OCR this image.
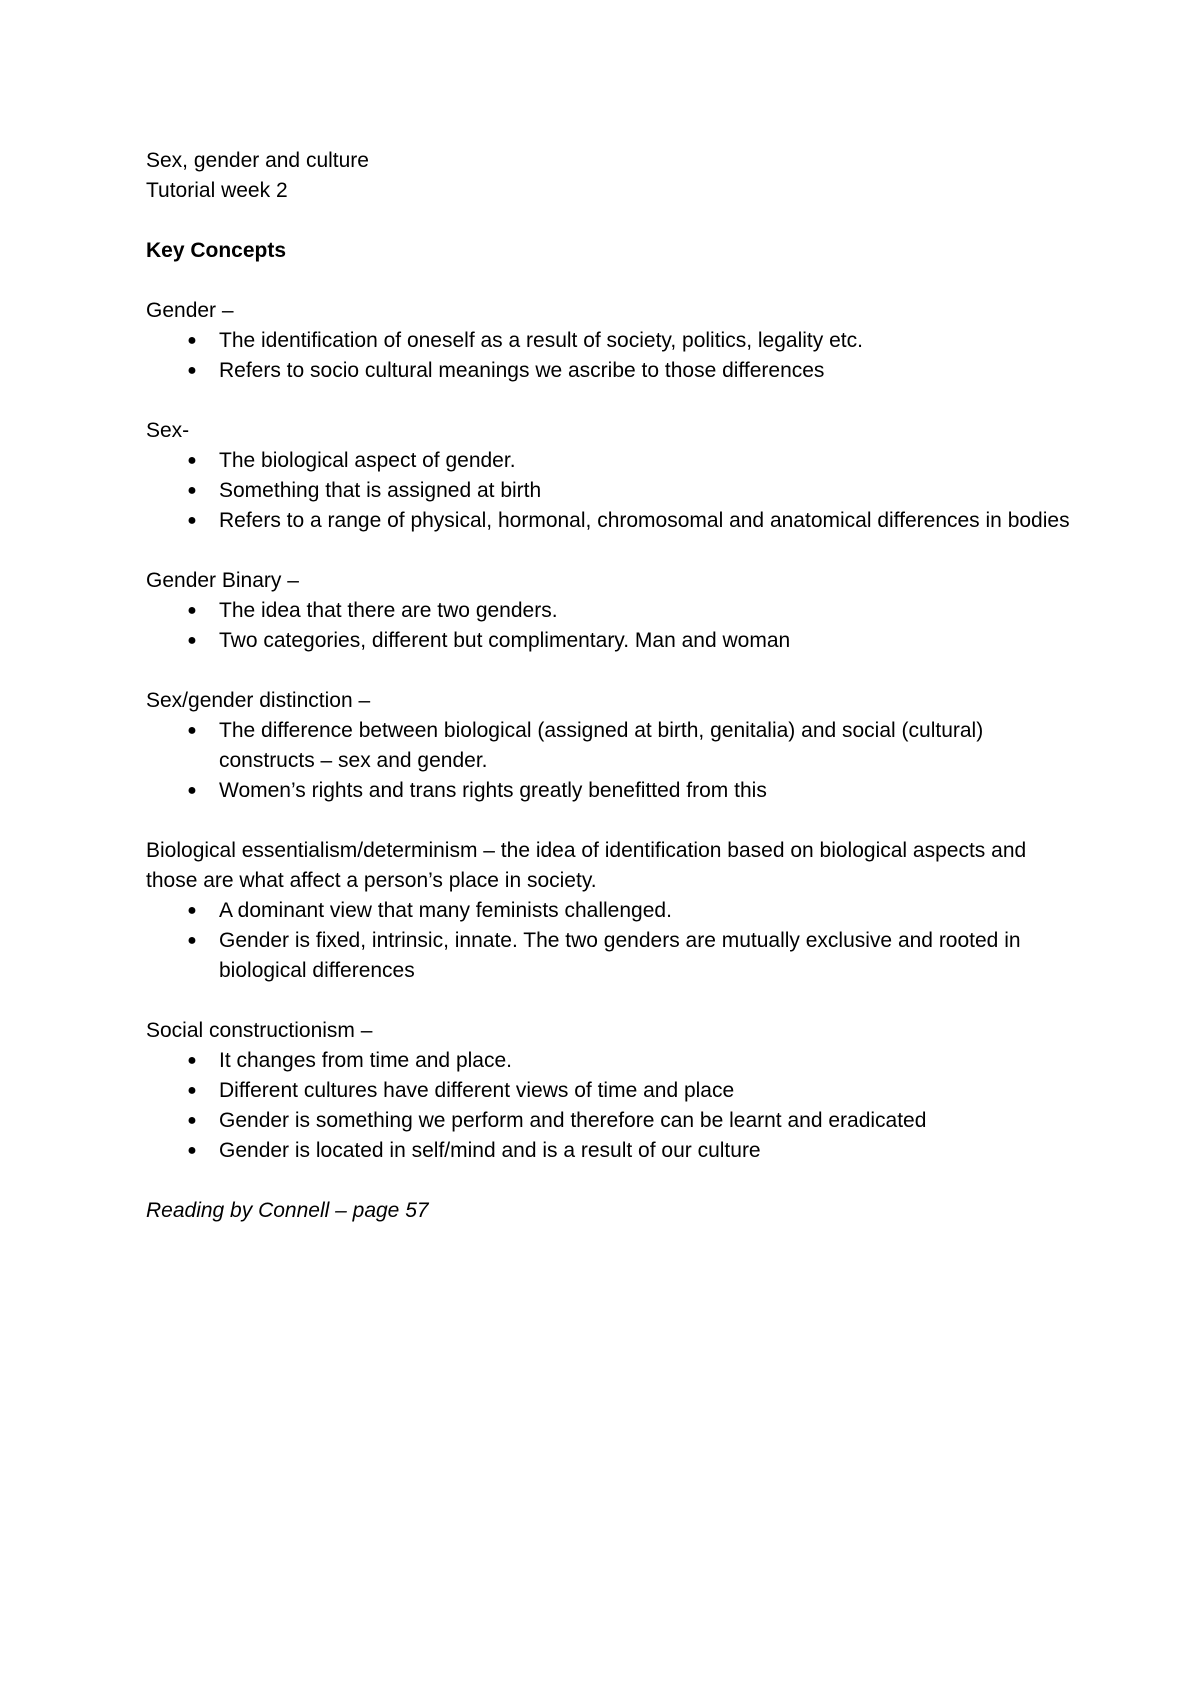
Sex, gender and culture

Tutorial week 2

Key Concepts

Gender –

● The identification of oneself as a result of society, politics, legality etc.
● Refers to socio cultural meanings we ascribe to those differences

Sex-

● The biological aspect of gender.
● Something that is assigned at birth
● Refers to a range of physical, hormonal, chromosomal and anatomical differences in bodies

Gender Binary –

● The idea that there are two genders.
● Two categories, different but complimentary. Man and woman

Sex/gender distinction –

● The difference between biological (assigned at birth, genitalia) and social (cultural) constructs – sex and gender.
● Women’s rights and trans rights greatly benefitted from this

Biological essentialism/determinism – the idea of identification based on biological aspects and those are what affect a person’s place in society.

● A dominant view that many feminists challenged.
● Gender is fixed, intrinsic, innate. The two genders are mutually exclusive and rooted in biological differences

Social constructionism –

● It changes from time and place.
● Different cultures have different views of time and place
● Gender is something we perform and therefore can be learnt and eradicated
● Gender is located in self/mind and is a result of our culture

Reading by Connell – page 57
